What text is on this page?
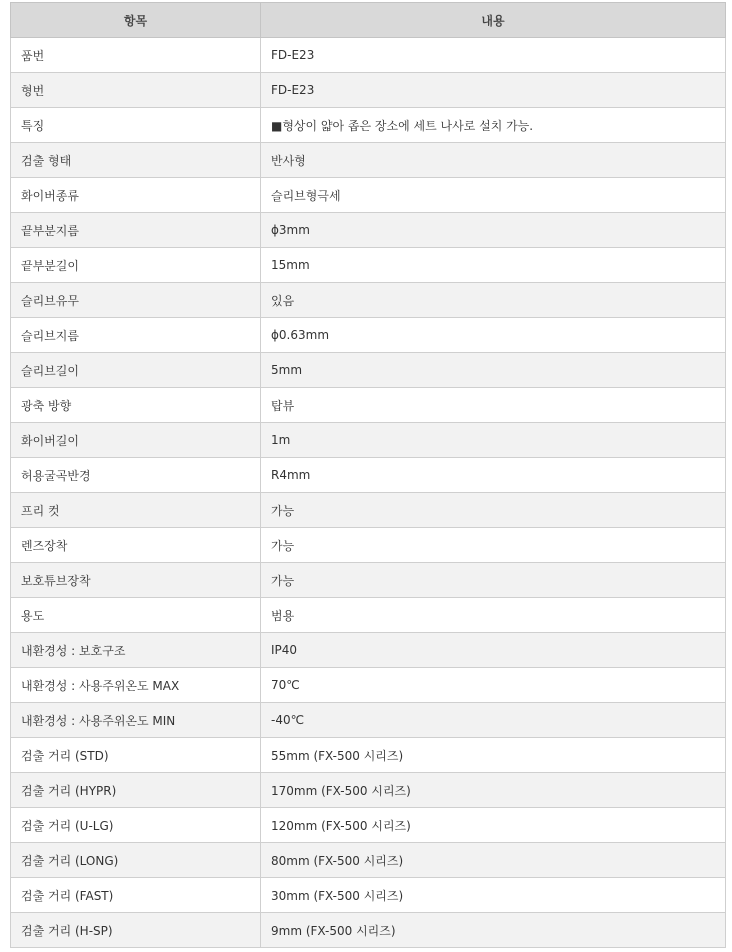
항목	내용
품번	FD-E23
형번	FD-E23
특징	■형상이 얇아 좁은 장소에 세트 나사로 설치 가능.
검출 형태	반사형
화이버종류	슬리브형극세
끝부분지름	ϕ3mm
끝부분길이	15mm
슬리브유무	있음
슬리브지름	ϕ0.63mm
슬리브길이	5mm
광축 방향	탑뷰
화이버길이	1m
허용굴곡반경	R4mm
프리 컷	가능
렌즈장착	가능
보호튜브장착	가능
용도	범용
내환경성 : 보호구조	IP40
내환경성 : 사용주위온도 MAX	70℃
내환경성 : 사용주위온도 MIN	-40℃
검출 거리 (STD)	55mm (FX-500 시리즈)
검출 거리 (HYPR)	170mm (FX-500 시리즈)
검출 거리 (U-LG)	120mm (FX-500 시리즈)
검출 거리 (LONG)	80mm (FX-500 시리즈)
검출 거리 (FAST)	30mm (FX-500 시리즈)
검출 거리 (H-SP)	9mm (FX-500 시리즈)
